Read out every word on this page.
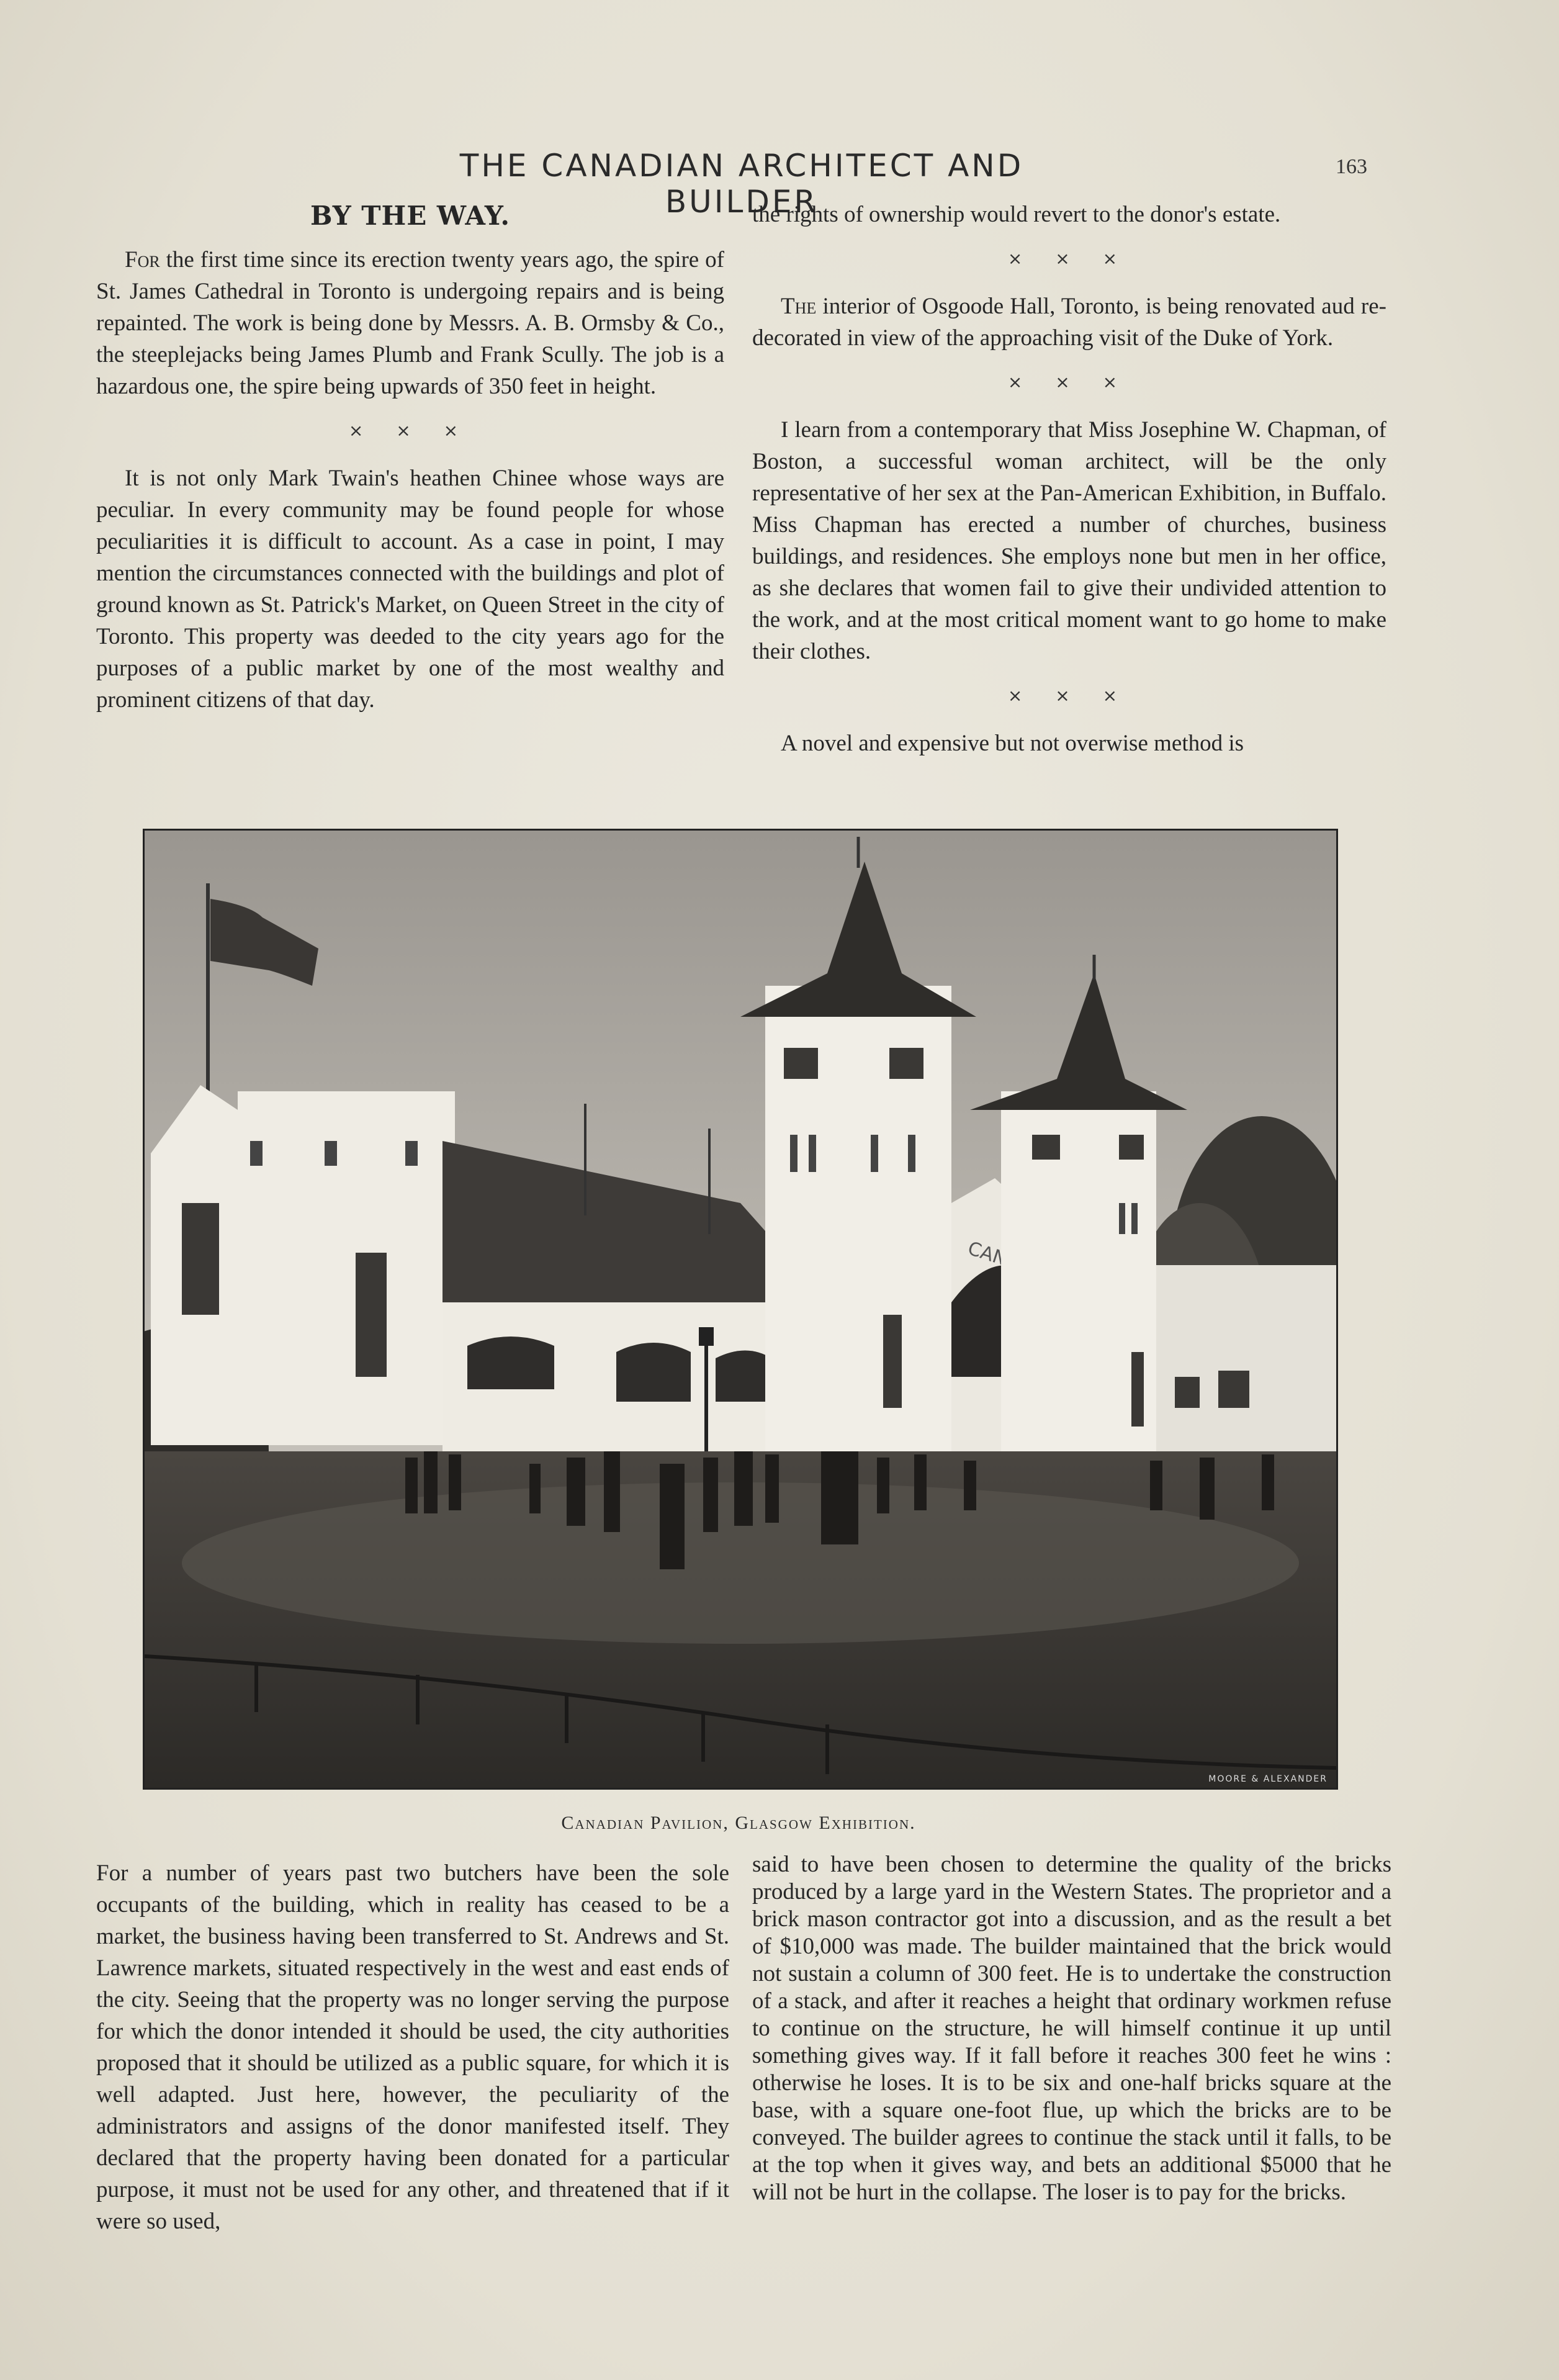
THE CANADIAN ARCHITECT AND BUILDER
163
BY THE WAY.

For the first time since its erection twenty years ago, the spire of St. James Cathedral in Toronto is undergoing repairs and is being repainted. The work is being done by Messrs. A. B. Ormsby & Co., the steeplejacks being James Plumb and Frank Scully. The job is a hazardous one, the spire being upwards of 350 feet in height.

× × ×

It is not only Mark Twain's heathen Chinee whose ways are peculiar. In every community may be found people for whose peculiarities it is difficult to account. As a case in point, I may mention the circumstances connected with the buildings and plot of ground known as St. Patrick's Market, on Queen Street in the city of Toronto. This property was deeded to the city years ago for the purposes of a public market by one of the most wealthy and prominent citizens of that day.

the rights of ownership would revert to the donor's estate.

× × ×

The interior of Osgoode Hall, Toronto, is being renovated aud re-decorated in view of the approaching visit of the Duke of York.

× × ×

I learn from a contemporary that Miss Josephine W. Chapman, of Boston, a successful woman architect, will be the only representative of her sex at the Pan-American Exhibition, in Buffalo. Miss Chapman has erected a number of churches, business buildings, and residences. She employs none but men in her office, as she declares that women fail to give their undivided attention to the work, and at the most critical moment want to go home to make their clothes.

× × ×

A novel and expensive but not overwise method is

MOORE & ALEXANDER
Canadian Pavilion, Glasgow Exhibition.

For a number of years past two butchers have been the sole occupants of the building, which in reality has ceased to be a market, the business having been transferred to St. Andrews and St. Lawrence markets, situated respectively in the west and east ends of the city. Seeing that the property was no longer serving the purpose for which the donor intended it should be used, the city authorities proposed that it should be utilized as a public square, for which it is well adapted. Just here, however, the peculiarity of the administrators and assigns of the donor manifested itself. They declared that the property having been donated for a particular purpose, it must not be used for any other, and threatened that if it were so used,

said to have been chosen to determine the quality of the bricks produced by a large yard in the Western States. The proprietor and a brick mason contractor got into a discussion, and as the result a bet of $10,000 was made. The builder maintained that the brick would not sustain a column of 300 feet. He is to undertake the construction of a stack, and after it reaches a height that ordinary workmen refuse to continue on the structure, he will himself continue it up until something gives way. If it fall before it reaches 300 feet he wins : otherwise he loses. It is to be six and one-half bricks square at the base, with a square one-foot flue, up which the bricks are to be conveyed. The builder agrees to continue the stack until it falls, to be at the top when it gives way, and bets an additional $5000 that he will not be hurt in the collapse. The loser is to pay for the bricks.
